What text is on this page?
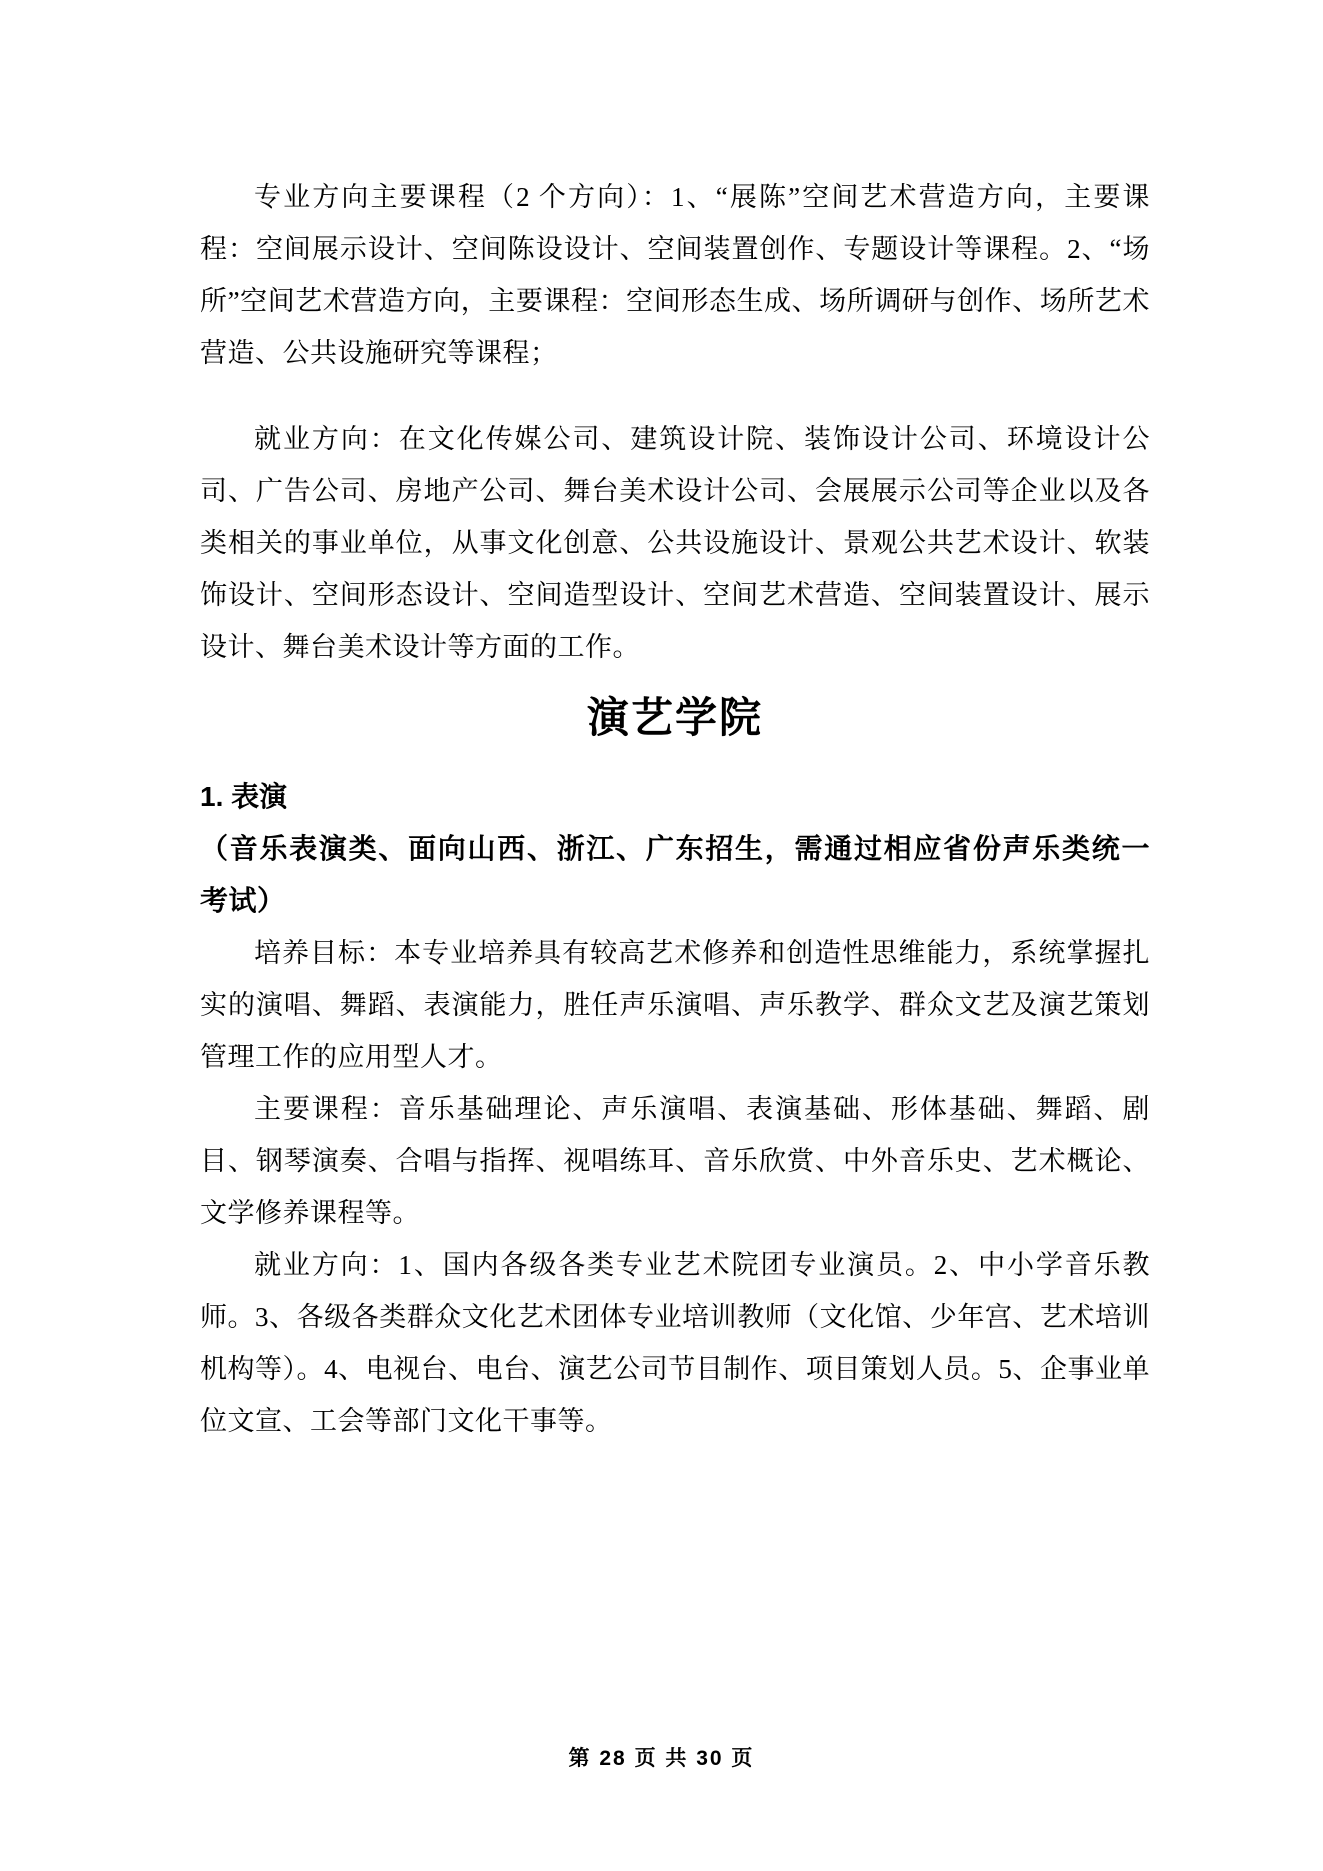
专业方向主要课程（2 个方向）：1、“展陈”空间艺术营造方向，主要课程：空间展示设计、空间陈设设计、空间装置创作、专题设计等课程。2、“场所”空间艺术营造方向，主要课程：空间形态生成、场所调研与创作、场所艺术营造、公共设施研究等课程；

就业方向：在文化传媒公司、建筑设计院、装饰设计公司、环境设计公司、广告公司、房地产公司、舞台美术设计公司、会展展示公司等企业以及各类相关的事业单位，从事文化创意、公共设施设计、景观公共艺术设计、软装饰设计、空间形态设计、空间造型设计、空间艺术营造、空间装置设计、展示设计、舞台美术设计等方面的工作。

演艺学院
1. 表演

（音乐表演类、面向山西、浙江、广东招生，需通过相应省份声乐类统一

考试）

培养目标：本专业培养具有较高艺术修养和创造性思维能力，系统掌握扎实的演唱、舞蹈、表演能力，胜任声乐演唱、声乐教学、群众文艺及演艺策划管理工作的应用型人才。

主要课程：音乐基础理论、声乐演唱、表演基础、形体基础、舞蹈、剧目、钢琴演奏、合唱与指挥、视唱练耳、音乐欣赏、中外音乐史、艺术概论、文学修养课程等。

就业方向：1、国内各级各类专业艺术院团专业演员。2、中小学音乐教师。3、各级各类群众文化艺术团体专业培训教师（文化馆、少年宫、艺术培训机构等）。4、电视台、电台、演艺公司节目制作、项目策划人员。5、企事业单位文宣、工会等部门文化干事等。

第 28 页 共 30 页
